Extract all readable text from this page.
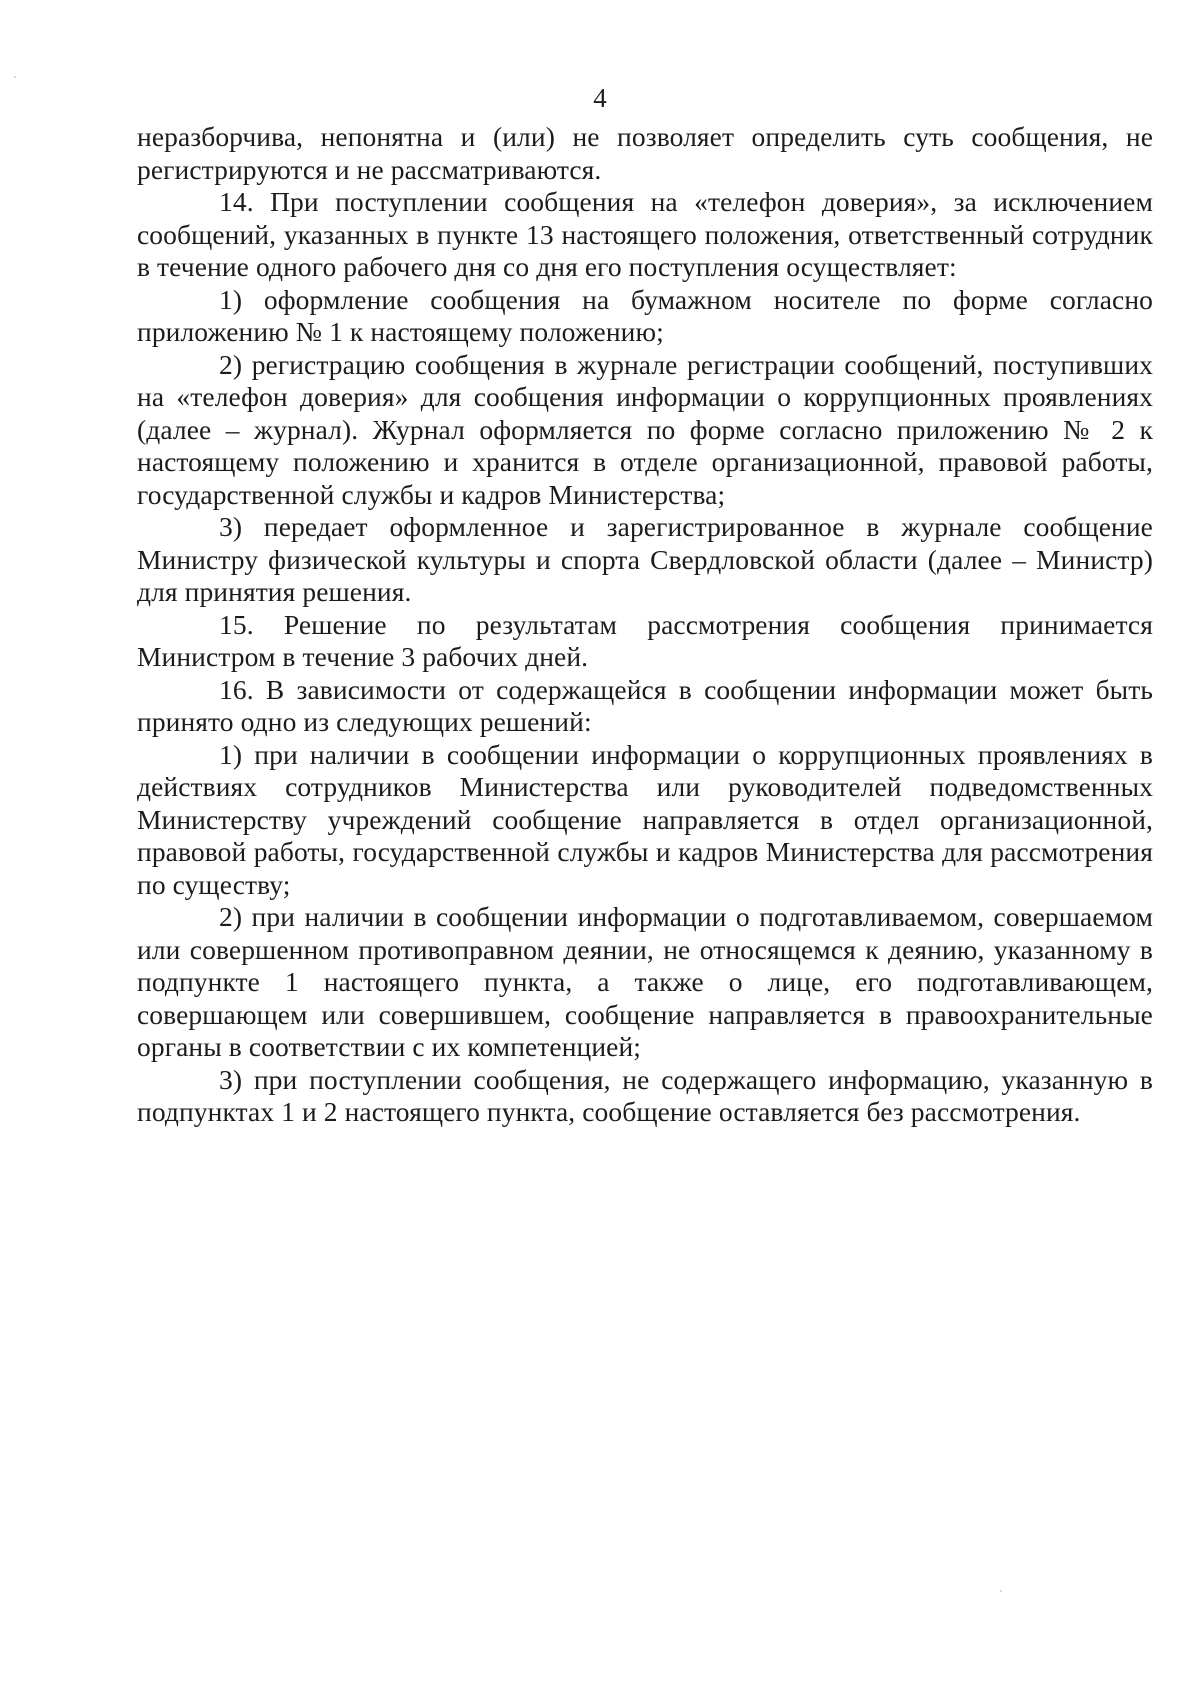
4

неразборчива, непонятна и (или) не позволяет определить суть сообщения, не регистрируются и не рассматриваются.

14. При поступлении сообщения на «телефон доверия», за исключением сообщений, указанных в пункте 13 настоящего положения, ответственный сотрудник в течение одного рабочего дня со дня его поступления осуществляет:

1) оформление сообщения на бумажном носителе по форме согласно приложению № 1 к настоящему положению;

2) регистрацию сообщения в журнале регистрации сообщений, поступивших на «телефон доверия» для сообщения информации о коррупционных проявлениях (далее – журнал). Журнал оформляется по форме согласно приложению № 2 к настоящему положению и хранится в отделе организационной, правовой работы, государственной службы и кадров Министерства;

3) передает оформленное и зарегистрированное в журнале сообщение Министру физической культуры и спорта Свердловской области (далее – Министр) для принятия решения.

15. Решение по результатам рассмотрения сообщения принимается Министром в течение 3 рабочих дней.

16. В зависимости от содержащейся в сообщении информации может быть принято одно из следующих решений:

1) при наличии в сообщении информации о коррупционных проявлениях в действиях сотрудников Министерства или руководителей подведомственных Министерству учреждений сообщение направляется в отдел организационной, правовой работы, государственной службы и кадров Министерства для рассмотрения по существу;

2) при наличии в сообщении информации о подготавливаемом, совершаемом или совершенном противоправном деянии, не относящемся к деянию, указанному в подпункте 1 настоящего пункта, а также о лице, его подготавливающем, совершающем или совершившем, сообщение направляется в правоохранительные органы в соответствии с их компетенцией;

3) при поступлении сообщения, не содержащего информацию, указанную в подпунктах 1 и 2 настоящего пункта, сообщение оставляется без рассмотрения.
